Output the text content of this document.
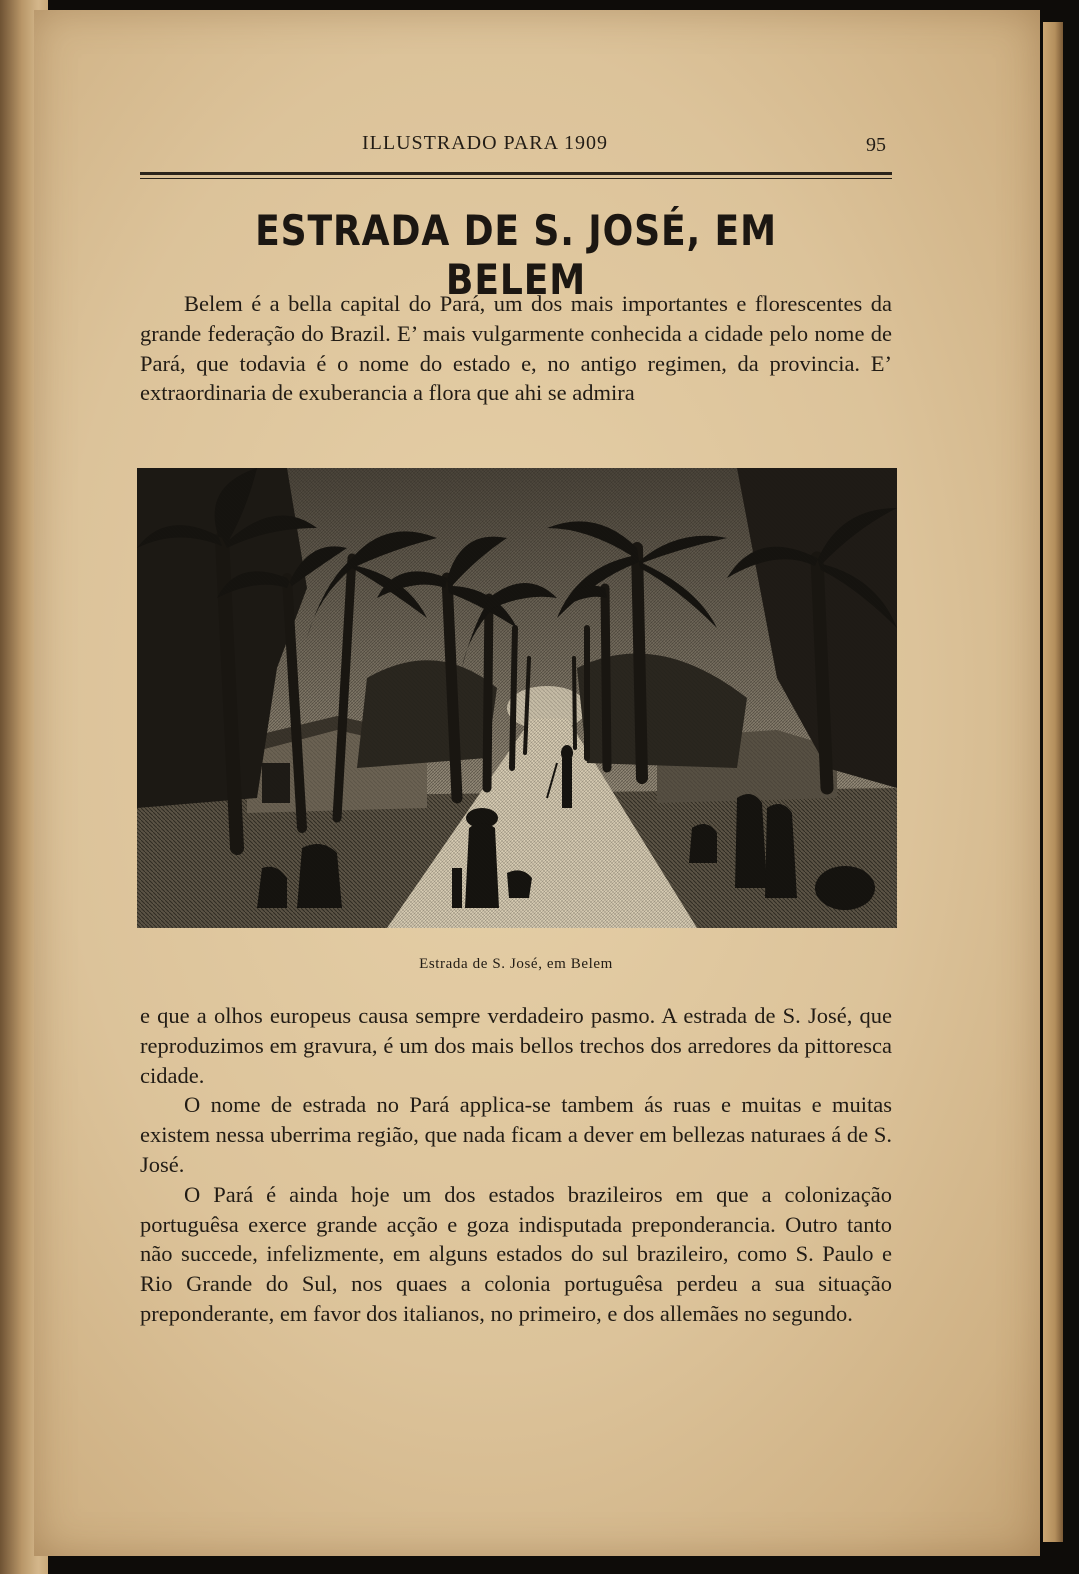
ILLUSTRADO PARA 1909	95
ESTRADA DE S. JOSÉ, EM BELEM

Belem é a bella capital do Pará, um dos mais importantes e florescentes da grande federação do Brazil. E’ mais vulgarmente conhecida a cidade pelo nome de Pará, que todavia é o nome do estado e, no antigo regimen, da provincia. E’ extraordinaria de exuberancia a flora que ahi se admira

Estrada de S. José, em Belem

e que a olhos europeus causa sempre verdadeiro pasmo. A estrada de S. José, que reproduzimos em gravura, é um dos mais bellos trechos dos arredores da pittoresca cidade.

O nome de estrada no Pará applica-se tambem ás ruas e muitas e muitas existem nessa uberrima região, que nada ficam a dever em bellezas naturaes á de S. José.

O Pará é ainda hoje um dos estados brazileiros em que a colonização portuguêsa exerce grande acção e goza indisputada preponderancia. Outro tanto não succede, infelizmente, em alguns estados do sul brazileiro, como S. Paulo e Rio Grande do Sul, nos quaes a colonia portuguêsa perdeu a sua situação preponderante, em favor dos italianos, no primeiro, e dos allemães no segundo.
